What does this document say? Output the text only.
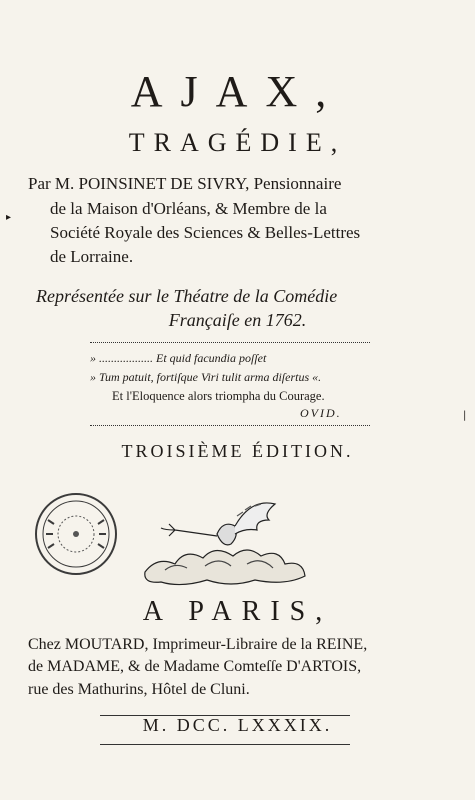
▸
|
AJAX,
TRAGÉDIE,
Par M. POINSINET DE SIVRY, Pensionnaire
de la Maison d'Orléans, & Membre de la
Société Royale des Sciences & Belles-Lettres
de Lorraine.
Représentée sur le Théatre de la Comédie
Françaiſe en 1762.
» .................. Et quid facundia poſſet
» Tum patuit, fortiſque Viri tulit arma diſertus «.
Et l'Eloquence alors triompha du Courage.
OVID.
TROISIÈME ÉDITION.
A PARIS,
Chez MOUTARD, Imprimeur-Libraire de la REINE,
de MADAME, & de Madame Comteſſe D'ARTOIS,
rue des Mathurins, Hôtel de Cluni.
M. DCC. LXXXIX.
